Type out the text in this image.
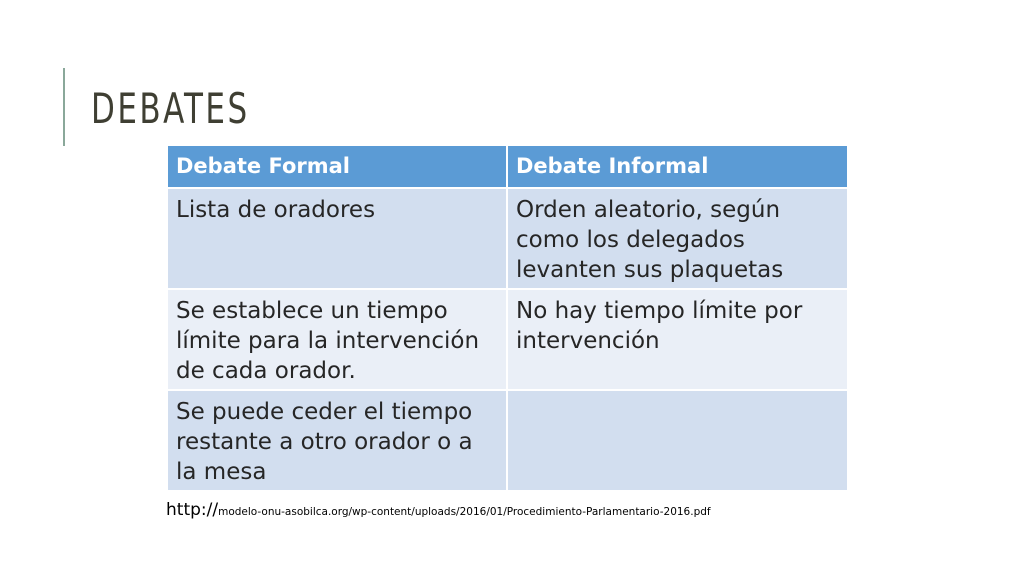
DEBATES
Debate Formal	Debate Informal
Lista de oradores	Orden aleatorio, según como los delegados levanten sus plaquetas
Se establece un tiempo límite para la intervención de cada orador.	No hay tiempo límite por intervención
Se puede ceder el tiempo restante a otro orador o a la mesa	
http://modelo-onu-asobilca.org/wp-content/uploads/2016/01/Procedimiento-Parlamentario-2016.pdf
